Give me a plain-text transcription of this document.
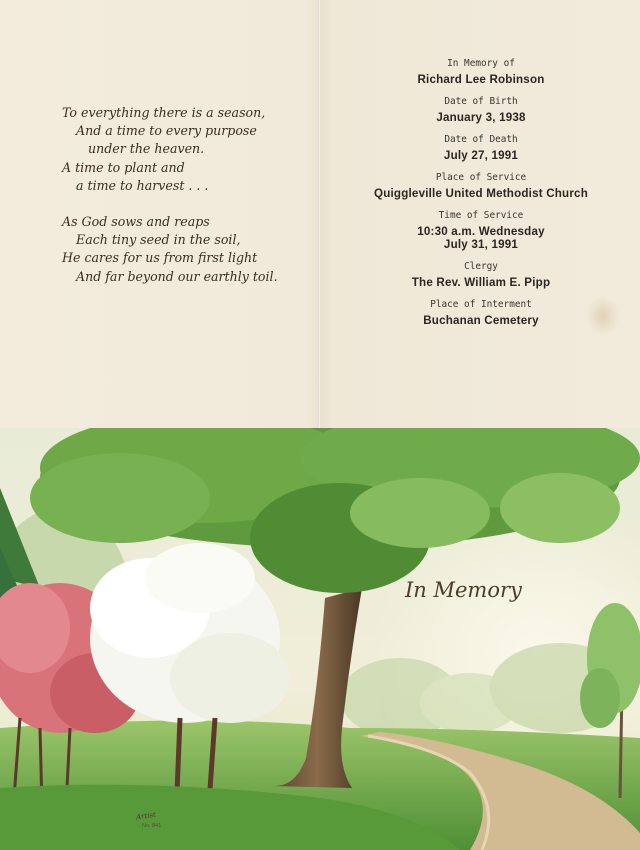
To everything there is a season,
And a time to every purpose
under the heaven.
A time to plant and
a time to harvest . . .
As God sows and reaps
Each tiny seed in the soil,
He cares for us from first light
And far beyond our earthly toil.
In Memory of
Richard Lee Robinson
Date of Birth
January 3, 1938
Date of Death
July 27, 1991
Place of Service
Quiggleville United Methodist Church
Time of Service
10:30 a.m. Wednesday
July 31, 1991
Clergy
The Rev. William E. Pipp
Place of Interment
Buchanan Cemetery
In Memory
Artist
No. 841
